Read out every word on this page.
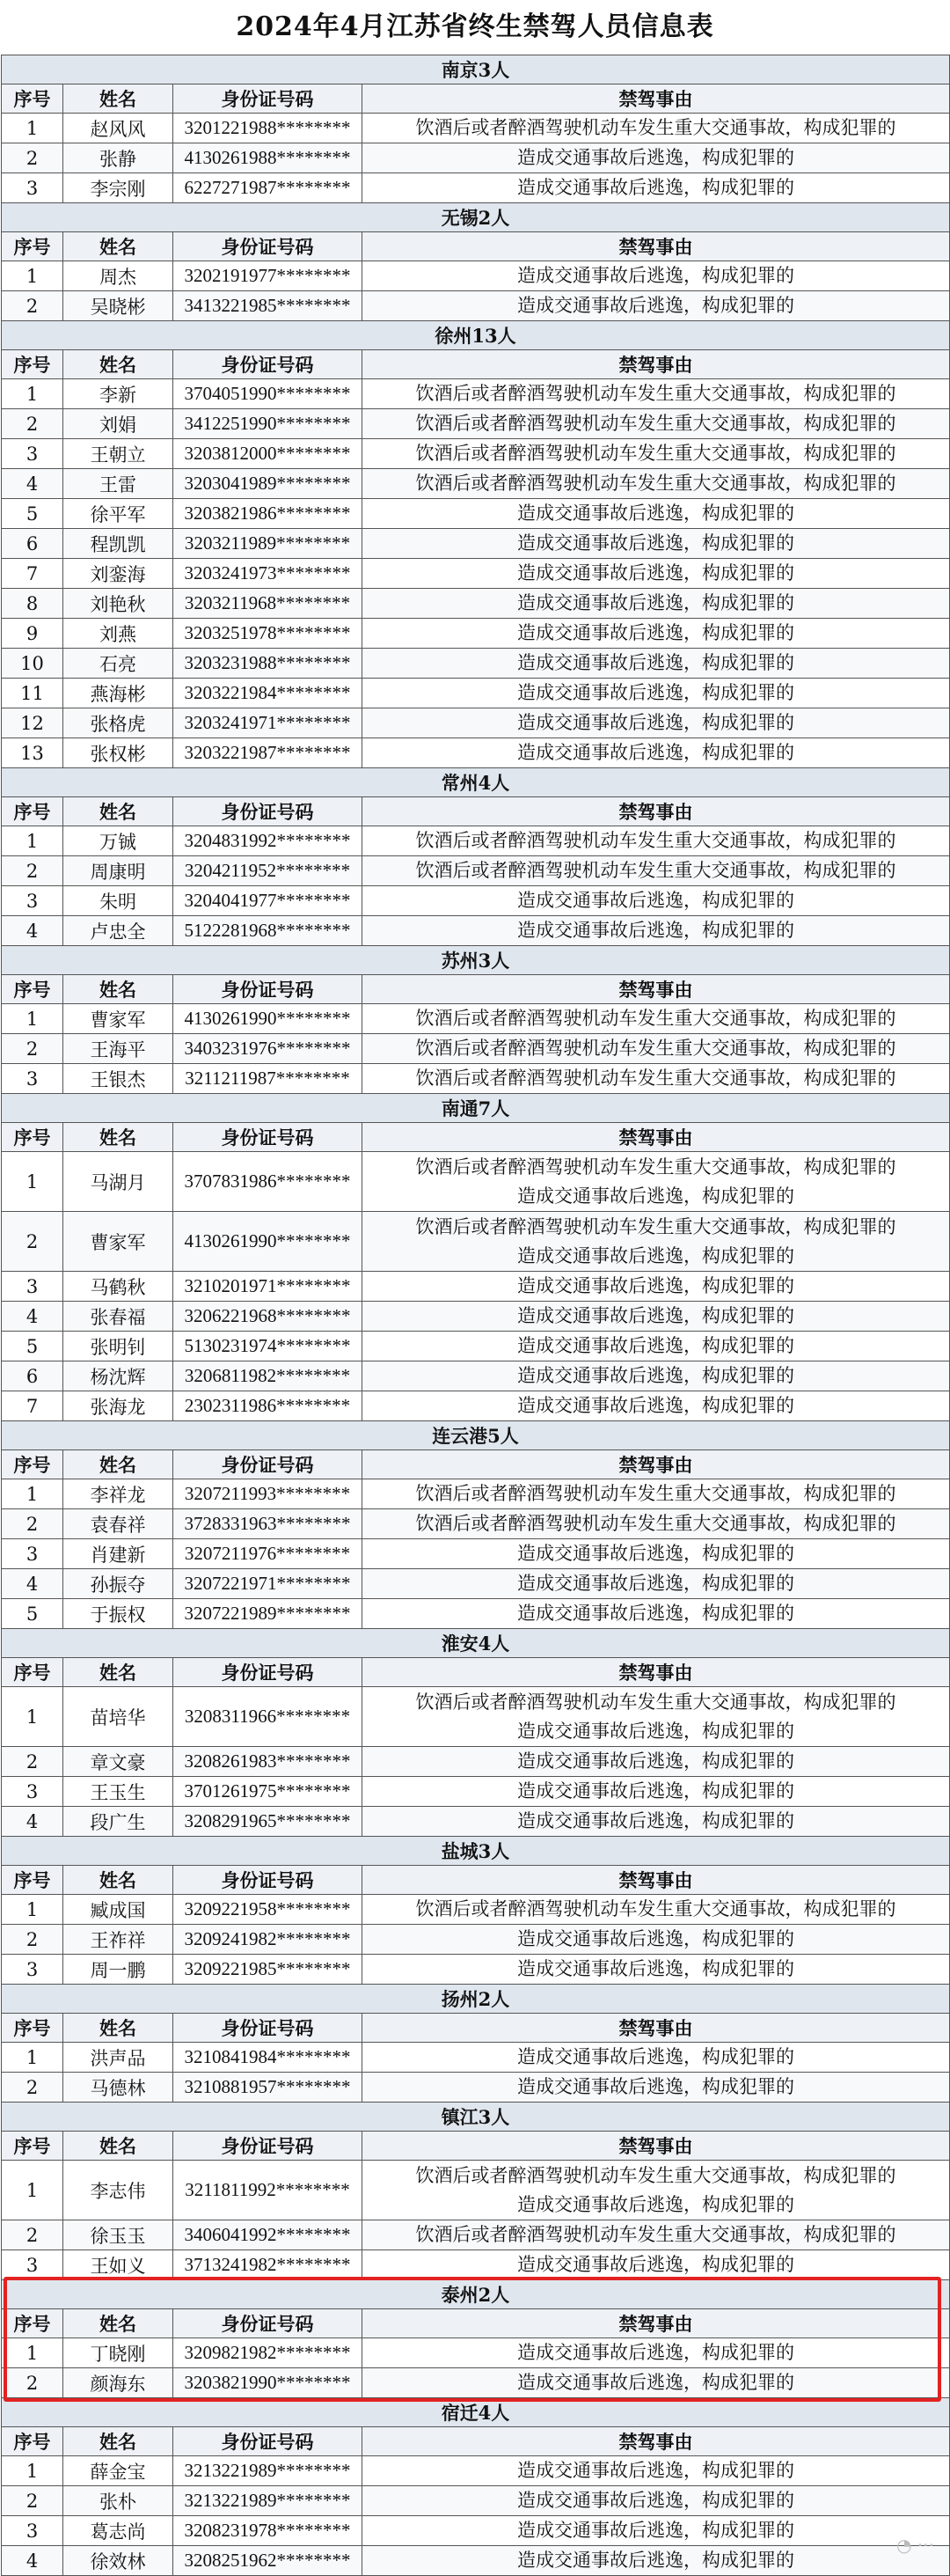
2024年4月江苏省终生禁驾人员信息表
南京3人			
序号	姓名	身份证号码	禁驾事由
1	赵风风	3201221988********	饮酒后或者醉酒驾驶机动车发生重大交通事故，构成犯罪的

2	张静	4130261988********	造成交通事故后逃逸，构成犯罪的

3	李宗刚	6227271987********	造成交通事故后逃逸，构成犯罪的

无锡2人			
序号	姓名	身份证号码	禁驾事由
1	周杰	3202191977********	造成交通事故后逃逸，构成犯罪的

2	吴晓彬	3413221985********	造成交通事故后逃逸，构成犯罪的

徐州13人			
序号	姓名	身份证号码	禁驾事由
1	李新	3704051990********	饮酒后或者醉酒驾驶机动车发生重大交通事故，构成犯罪的

2	刘娟	3412251990********	饮酒后或者醉酒驾驶机动车发生重大交通事故，构成犯罪的

3	王朝立	3203812000********	饮酒后或者醉酒驾驶机动车发生重大交通事故，构成犯罪的

4	王雷	3203041989********	饮酒后或者醉酒驾驶机动车发生重大交通事故，构成犯罪的

5	徐平军	3203821986********	造成交通事故后逃逸，构成犯罪的

6	程凯凯	3203211989********	造成交通事故后逃逸，构成犯罪的

7	刘銮海	3203241973********	造成交通事故后逃逸，构成犯罪的

8	刘艳秋	3203211968********	造成交通事故后逃逸，构成犯罪的

9	刘燕	3203251978********	造成交通事故后逃逸，构成犯罪的

10	石亮	3203231988********	造成交通事故后逃逸，构成犯罪的

11	燕海彬	3203221984********	造成交通事故后逃逸，构成犯罪的

12	张格虎	3203241971********	造成交通事故后逃逸，构成犯罪的

13	张权彬	3203221987********	造成交通事故后逃逸，构成犯罪的

常州4人			
序号	姓名	身份证号码	禁驾事由
1	万铖	3204831992********	饮酒后或者醉酒驾驶机动车发生重大交通事故，构成犯罪的

2	周康明	3204211952********	饮酒后或者醉酒驾驶机动车发生重大交通事故，构成犯罪的

3	朱明	3204041977********	造成交通事故后逃逸，构成犯罪的

4	卢忠全	5122281968********	造成交通事故后逃逸，构成犯罪的

苏州3人			
序号	姓名	身份证号码	禁驾事由
1	曹家军	4130261990********	饮酒后或者醉酒驾驶机动车发生重大交通事故，构成犯罪的

2	王海平	3403231976********	饮酒后或者醉酒驾驶机动车发生重大交通事故，构成犯罪的

3	王银杰	3211211987********	饮酒后或者醉酒驾驶机动车发生重大交通事故，构成犯罪的

南通7人			
序号	姓名	身份证号码	禁驾事由
1	马湖月	3707831986********	饮酒后或者醉酒驾驶机动车发生重大交通事故，构成犯罪的
造成交通事故后逃逸，构成犯罪的

2	曹家军	4130261990********	饮酒后或者醉酒驾驶机动车发生重大交通事故，构成犯罪的
造成交通事故后逃逸，构成犯罪的

3	马鹤秋	3210201971********	造成交通事故后逃逸，构成犯罪的

4	张春福	3206221968********	造成交通事故后逃逸，构成犯罪的

5	张明钊	5130231974********	造成交通事故后逃逸，构成犯罪的

6	杨沈辉	3206811982********	造成交通事故后逃逸，构成犯罪的

7	张海龙	2302311986********	造成交通事故后逃逸，构成犯罪的

连云港5人			
序号	姓名	身份证号码	禁驾事由
1	李祥龙	3207211993********	饮酒后或者醉酒驾驶机动车发生重大交通事故，构成犯罪的

2	袁春祥	3728331963********	饮酒后或者醉酒驾驶机动车发生重大交通事故，构成犯罪的

3	肖建新	3207211976********	造成交通事故后逃逸，构成犯罪的

4	孙振夺	3207221971********	造成交通事故后逃逸，构成犯罪的

5	于振权	3207221989********	造成交通事故后逃逸，构成犯罪的

淮安4人			
序号	姓名	身份证号码	禁驾事由
1	苗培华	3208311966********	饮酒后或者醉酒驾驶机动车发生重大交通事故，构成犯罪的
造成交通事故后逃逸，构成犯罪的

2	章文豪	3208261983********	造成交通事故后逃逸，构成犯罪的

3	王玉生	3701261975********	造成交通事故后逃逸，构成犯罪的

4	段广生	3208291965********	造成交通事故后逃逸，构成犯罪的

盐城3人			
序号	姓名	身份证号码	禁驾事由
1	臧成国	3209221958********	饮酒后或者醉酒驾驶机动车发生重大交通事故，构成犯罪的

2	王祚祥	3209241982********	造成交通事故后逃逸，构成犯罪的

3	周一鹏	3209221985********	造成交通事故后逃逸，构成犯罪的

扬州2人			
序号	姓名	身份证号码	禁驾事由
1	洪声品	3210841984********	造成交通事故后逃逸，构成犯罪的

2	马德林	3210881957********	造成交通事故后逃逸，构成犯罪的

镇江3人			
序号	姓名	身份证号码	禁驾事由
1	李志伟	3211811992********	饮酒后或者醉酒驾驶机动车发生重大交通事故，构成犯罪的
造成交通事故后逃逸，构成犯罪的

2	徐玉玉	3406041992********	饮酒后或者醉酒驾驶机动车发生重大交通事故，构成犯罪的

3	王如义	3713241982********	造成交通事故后逃逸，构成犯罪的

泰州2人			
序号	姓名	身份证号码	禁驾事由
1	丁晓刚	3209821982********	造成交通事故后逃逸，构成犯罪的

2	颜海东	3203821990********	造成交通事故后逃逸，构成犯罪的

宿迁4人			
序号	姓名	身份证号码	禁驾事由
1	薛金宝	3213221989********	造成交通事故后逃逸，构成犯罪的

2	张朴	3213221989********	造成交通事故后逃逸，构成犯罪的

3	葛志尚	3208231978********	造成交通事故后逃逸，构成犯罪的

4	徐效林	3208251962********	造成交通事故后逃逸，构成犯罪的
◔ ···
